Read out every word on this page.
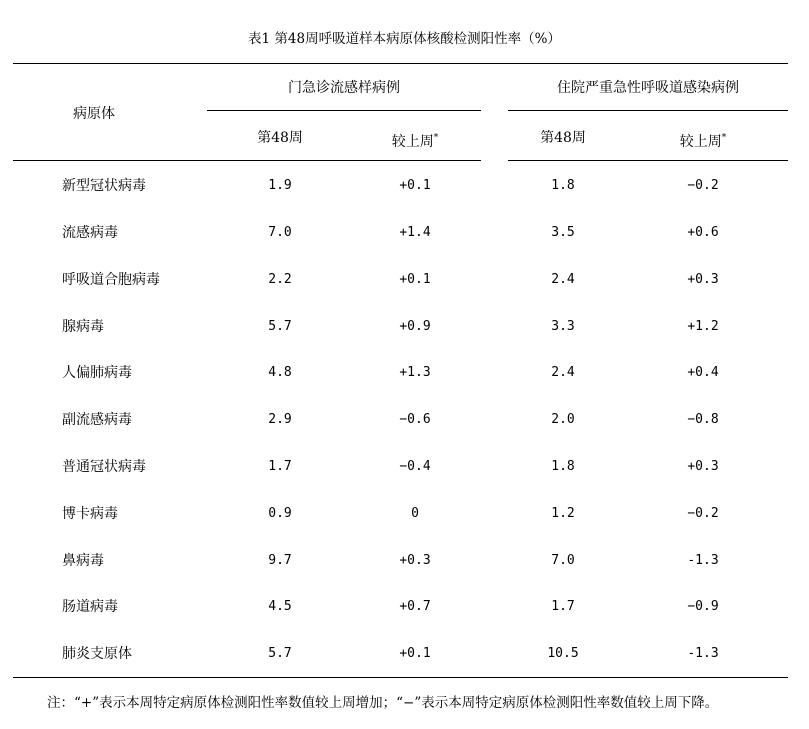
表1 第48周呼吸道样本病原体核酸检测阳性率（%）
病原体
门急诊流感样病例	住院严重急性呼吸道感染病例
第48周	较上周*	第48周	较上周*
新型冠状病毒	1.9	+0.1	1.8	−0.2
流感病毒	7.0	+1.4	3.5	+0.6
呼吸道合胞病毒	2.2	+0.1	2.4	+0.3
腺病毒	5.7	+0.9	3.3	+1.2
人偏肺病毒	4.8	+1.3	2.4	+0.4
副流感病毒	2.9	−0.6	2.0	−0.8
普通冠状病毒	1.7	−0.4	1.8	+0.3
博卡病毒	0.9	0	1.2	−0.2
鼻病毒	9.7	+0.3	7.0	-1.3
肠道病毒	4.5	+0.7	1.7	−0.9
肺炎支原体	5.7	+0.1	10.5	-1.3
注：“+”表示本周特定病原体检测阳性率数值较上周增加；“−”表示本周特定病原体检测阳性率数值较上周下降。
